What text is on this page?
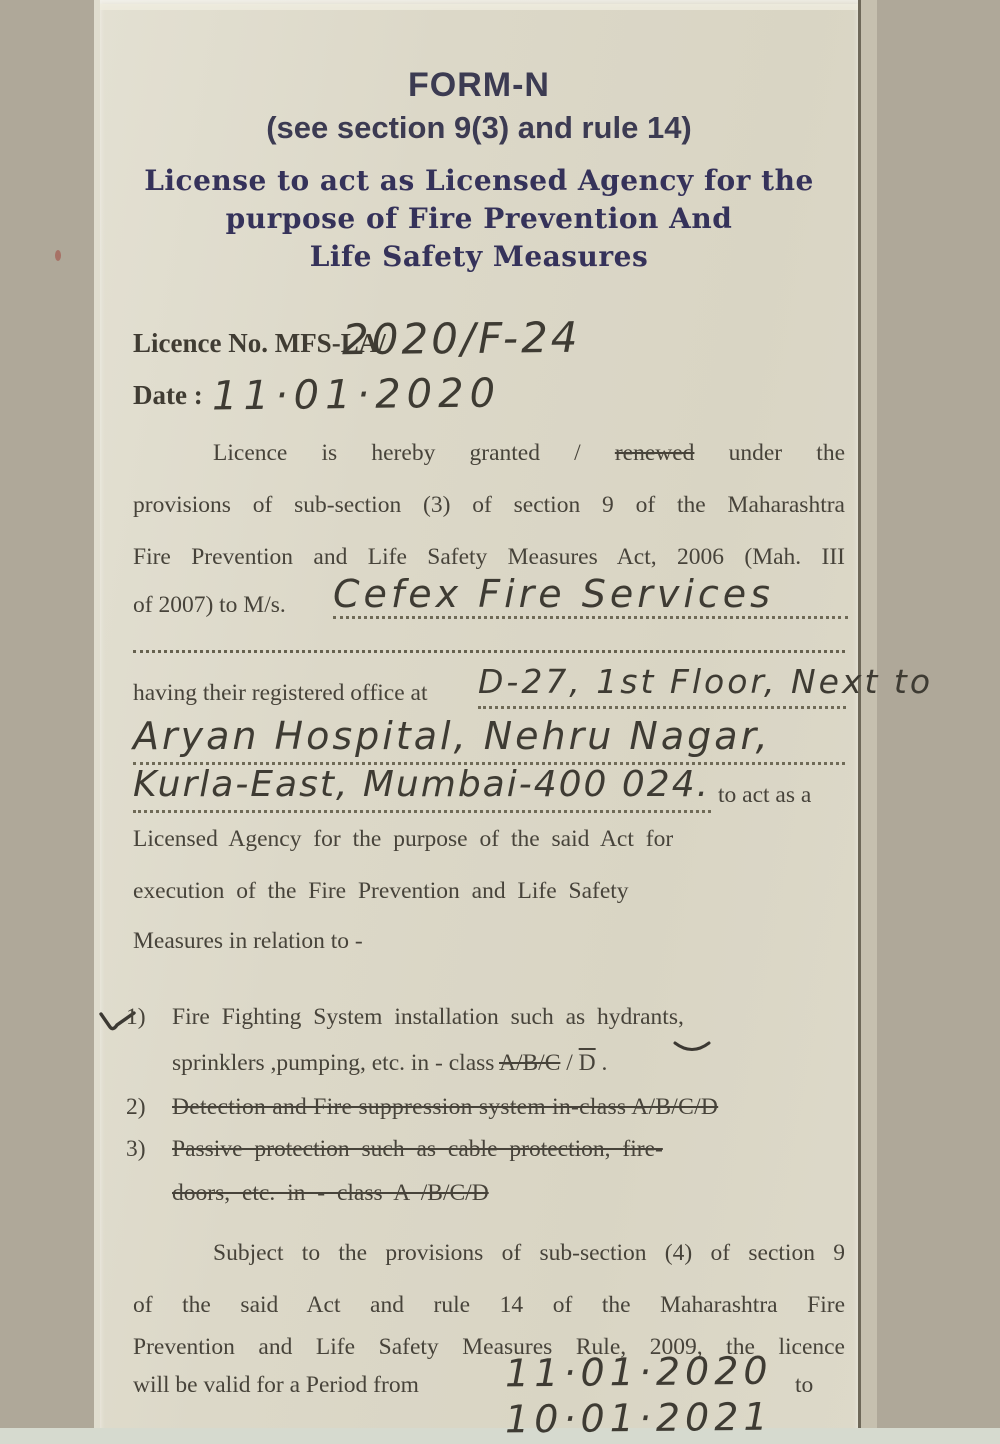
FORM-N
(see section 9(3) and rule 14)
License to act as Licensed Agency for the
purpose of Fire Prevention And
Life Safety Measures
Licence No. MFS-LA/
2020/F-24
Date : 11·01·2020
Licence is hereby granted / renewed under the
provisions of sub-section (3) of section 9 of the Maharashtra
Fire Prevention and Life Safety Measures Act, 2006 (Mah. III
of 2007) to M/s.	Cefex Fire Services
having their registered office at	D-27, 1st Floor, Next to
Aryan Hospital, Nehru Nagar,
Kurla-East, Mumbai-400 024. to act as a
Licensed Agency for the purpose of the said Act for
execution of the Fire Prevention and Life Safety
Measures in relation to -
1)	Fire Fighting System installation such as hydrants,
sprinklers ,pumping, etc. in - class $A/B/C / \overline{D}$ .
2)	Detection and Fire suppression system in-class A/B/C/D
3)	Passive protection such as cable protection, fire-
doors, etc. in - class A /B/C/D
Subject to the provisions of sub-section (4) of section 9
of the said Act and rule 14 of the Maharashtra Fire
Prevention and Life Safety Measures Rule, 2009, the licence
will be valid for a Period from	11·01·2020 to
10·01·2021
